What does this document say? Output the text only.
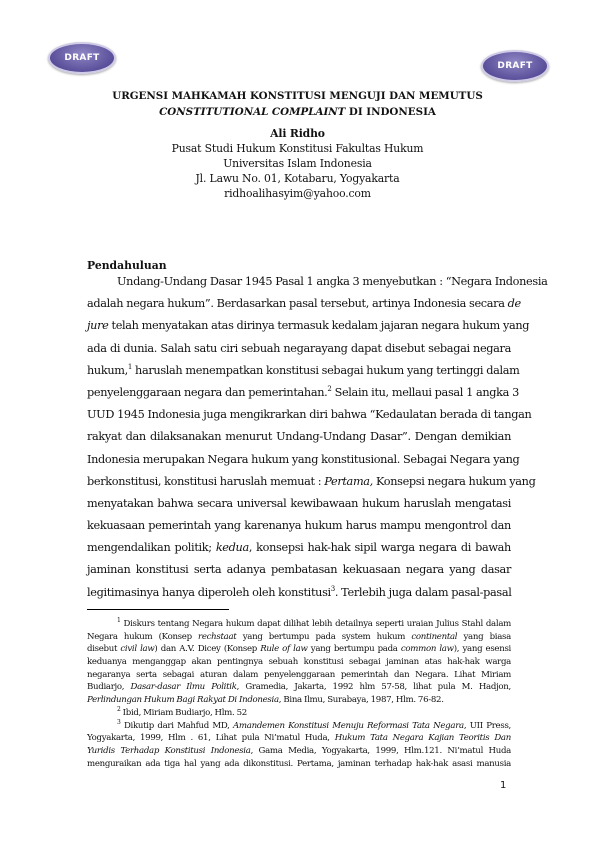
DRAFT
DRAFT
URGENSI MAHKAMAH KONSTITUSI MENGUJI DAN MEMUTUS
CONSTITUTIONAL COMPLAINT DI INDONESIA
Ali Ridho
Pusat Studi Hukum Konstitusi Fakultas Hukum
Universitas Islam Indonesia
Jl. Lawu No. 01, Kotabaru, Yogyakarta
ridhoalihasyim@yahoo.com
Pendahuluan
Undang-Undang Dasar 1945 Pasal 1 angka 3 menyebutkan : “Negara Indonesia
adalah negara hukum”. Berdasarkan pasal tersebut, artinya Indonesia secara de
jure telah menyatakan atas dirinya termasuk kedalam jajaran negara hukum yang
ada di dunia. Salah satu ciri sebuah negarayang dapat disebut sebagai negara
hukum,$^1$ haruslah menempatkan konstitusi sebagai hukum yang tertinggi dalam
penyelenggaraan negara dan pemerintahan.$^2$ Selain itu, mellaui pasal 1 angka 3
UUD 1945 Indonesia juga mengikrarkan diri bahwa “Kedaulatan berada di tangan
rakyat dan dilaksanakan menurut Undang-Undang Dasar”. Dengan demikian
Indonesia merupakan Negara hukum yang konstitusional. Sebagai Negara yang
berkonstitusi, konstitusi haruslah memuat : Pertama, Konsepsi negara hukum yang
menyatakan bahwa secara universal kewibawaan hukum haruslah mengatasi
kekuasaan pemerintah yang karenanya hukum harus mampu mengontrol dan
mengendalikan politik; kedua, konsepsi hak-hak sipil warga negara di bawah
jaminan konstitusi serta adanya pembatasan kekuasaan negara yang dasar
legitimasinya hanya diperoleh oleh konstitusi$^3$. Terlebih juga dalam pasal-pasal
$^1$ Diskurs tentang Negara hukum dapat dilihat lebih detailnya seperti uraian Julius Stahl dalam
Negara hukum (Konsep rechstaat yang bertumpu pada system hukum continental yang biasa
disebut civil law) dan A.V. Dicey (Konsep Rule of law yang bertumpu pada common law), yang esensi
keduanya menganggap akan pentingnya sebuah konstitusi sebagai jaminan atas hak-hak warga
negaranya serta sebagai aturan dalam penyelenggaraan pemerintah dan Negara. Lihat Miriam
Budiarjo, Dasar-dasar Ilmu Politik, Gramedia, Jakarta, 1992 hlm 57-58, lihat pula M. Hadjon,
Perlindungan Hukum Bagi Rakyat Di Indonesia, Bina Ilmu, Surabaya, 1987, Hlm. 76-82.
$^2$ Ibid, Miriam Budiarjo, Hlm. 52
$^3$ Dikutip dari Mahfud MD, Amandemen Konstitusi Menuju Reformasi Tata Negara, UII Press,
Yogyakarta, 1999, Hlm . 61, Lihat pula Ni’matul Huda, Hukum Tata Negara Kajian Teoritis Dan
Yuridis Terhadap Konstitusi Indonesia, Gama Media, Yogyakarta, 1999, Hlm.121. Ni’matul Huda
menguraikan ada tiga hal yang ada dikonstitusi. Pertama, jaminan terhadap hak-hak asasi manusia
1
